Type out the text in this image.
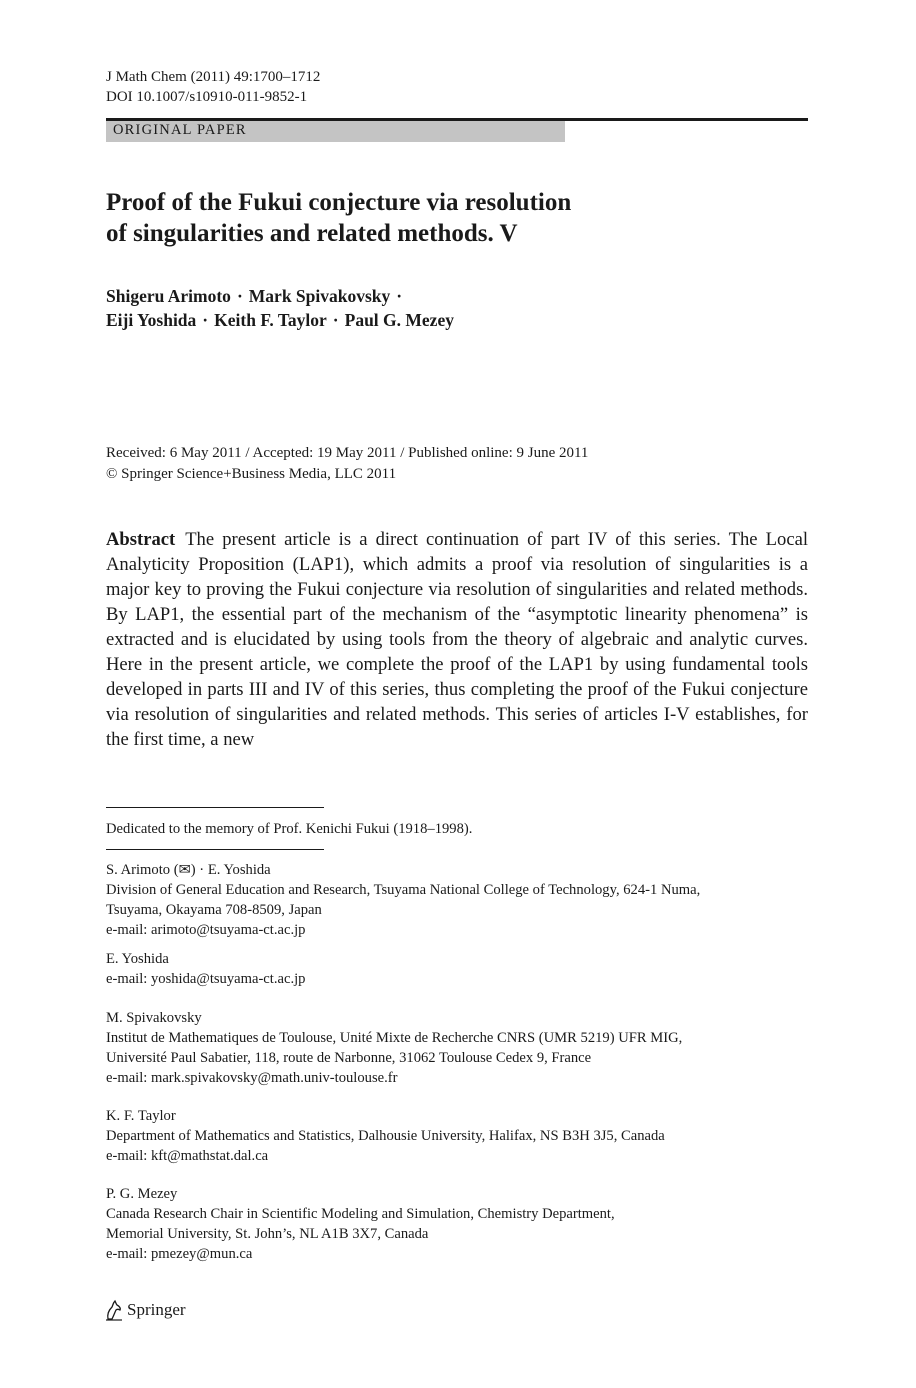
J Math Chem (2011) 49:1700–1712
DOI 10.1007/s10910-011-9852-1
ORIGINAL PAPER
Proof of the Fukui conjecture via resolution
of singularities and related methods. V
Shigeru Arimoto · Mark Spivakovsky ·
Eiji Yoshida · Keith F. Taylor · Paul G. Mezey
Received: 6 May 2011 / Accepted: 19 May 2011 / Published online: 9 June 2011
© Springer Science+Business Media, LLC 2011
Abstract The present article is a direct continuation of part IV of this series. The Local Analyticity Proposition (LAP1), which admits a proof via resolution of singularities is a major key to proving the Fukui conjecture via resolution of singularities and related methods. By LAP1, the essential part of the mechanism of the “asymptotic linearity phenomena” is extracted and is elucidated by using tools from the theory of algebraic and analytic curves. Here in the present article, we complete the proof of the LAP1 by using fundamental tools developed in parts III and IV of this series, thus completing the proof of the Fukui conjecture via resolution of singularities and related methods. This series of articles I-V establishes, for the first time, a new
Dedicated to the memory of Prof. Kenichi Fukui (1918–1998).
S. Arimoto (✉) · E. Yoshida
Division of General Education and Research, Tsuyama National College of Technology, 624-1 Numa,
Tsuyama, Okayama 708-8509, Japan
e-mail: arimoto@tsuyama-ct.ac.jp
E. Yoshida
e-mail: yoshida@tsuyama-ct.ac.jp
M. Spivakovsky
Institut de Mathematiques de Toulouse, Unité Mixte de Recherche CNRS (UMR 5219) UFR MIG,
Université Paul Sabatier, 118, route de Narbonne, 31062 Toulouse Cedex 9, France
e-mail: mark.spivakovsky@math.univ-toulouse.fr
K. F. Taylor
Department of Mathematics and Statistics, Dalhousie University, Halifax, NS B3H 3J5, Canada
e-mail: kft@mathstat.dal.ca
P. G. Mezey
Canada Research Chair in Scientific Modeling and Simulation, Chemistry Department,
Memorial University, St. John’s, NL A1B 3X7, Canada
e-mail: pmezey@mun.ca
Springer
